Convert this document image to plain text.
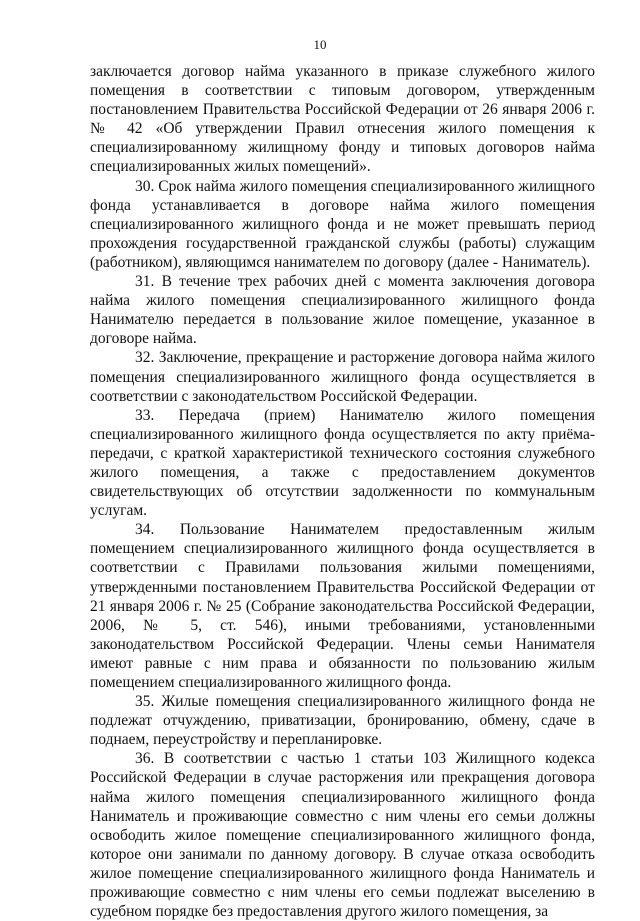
10

заключается договор найма указанного в приказе служебного жилого помещения в соответствии с типовым договором, утвержденным постановлением Правительства Российской Федерации от 26 января 2006 г. № 42 «Об утверждении Правил отнесения жилого помещения к специализированному жилищному фонду и типовых договоров найма специализированных жилых помещений».

30. Срок найма жилого помещения специализированного жилищного фонда устанавливается в договоре найма жилого помещения специализированного жилищного фонда и не может превышать период прохождения государственной гражданской службы (работы) служащим (работником), являющимся нанимателем по договору (далее - Наниматель).

31. В течение трех рабочих дней с момента заключения договора найма жилого помещения специализированного жилищного фонда Нанимателю передается в пользование жилое помещение, указанное в договоре найма.

32. Заключение, прекращение и расторжение договора найма жилого помещения специализированного жилищного фонда осуществляется в соответствии с законодательством Российской Федерации.

33. Передача (прием) Нанимателю жилого помещения специализированного жилищного фонда осуществляется по акту приёма-передачи, с краткой характеристикой технического состояния служебного жилого помещения, а также с предоставлением документов свидетельствующих об отсутствии задолженности по коммунальным услугам.

34. Пользование Нанимателем предоставленным жилым помещением специализированного жилищного фонда осуществляется в соответствии с Правилами пользования жилыми помещениями, утвержденными постановлением Правительства Российской Федерации от 21 января 2006 г. № 25 (Собрание законодательства Российской Федерации, 2006, № 5, ст. 546), иными требованиями, установленными законодательством Российской Федерации. Члены семьи Нанимателя имеют равные с ним права и обязанности по пользованию жилым помещением специализированного жилищного фонда.

35. Жилые помещения специализированного жилищного фонда не подлежат отчуждению, приватизации, бронированию, обмену, сдаче в поднаем, переустройству и перепланировке.

36. В соответствии с частью 1 статьи 103 Жилищного кодекса Российской Федерации в случае расторжения или прекращения договора найма жилого помещения специализированного жилищного фонда Наниматель и проживающие совместно с ним члены его семьи должны освободить жилое помещение специализированного жилищного фонда, которое они занимали по данному договору. В случае отказа освободить жилое помещение специализированного жилищного фонда Наниматель и проживающие совместно с ним члены его семьи подлежат выселению в судебном порядке без предоставления другого жилого помещения, за
